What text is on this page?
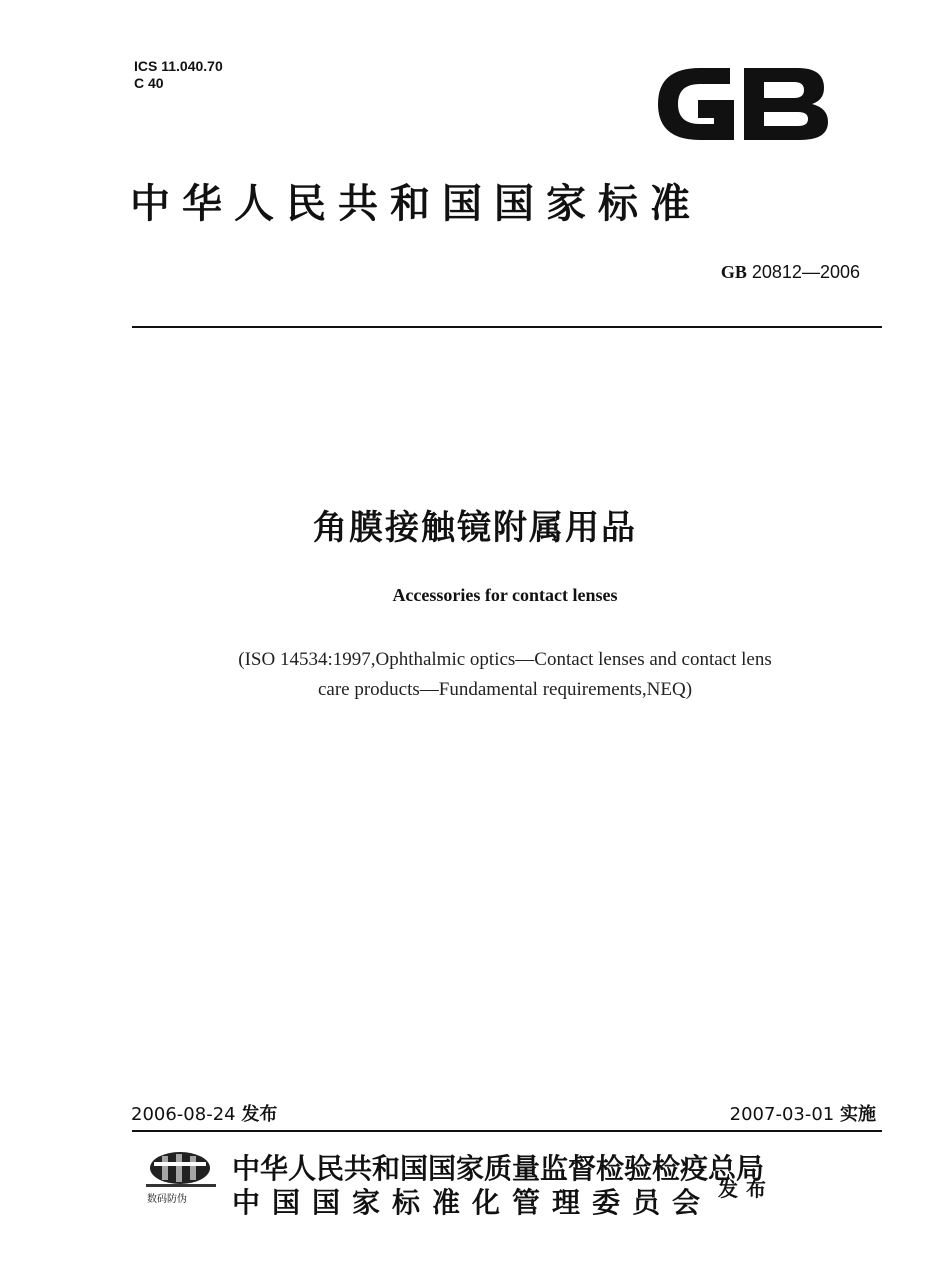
ICS 11.040.70
C 40
中华人民共和国国家标准
GB 20812—2006
角膜接触镜附属用品
Accessories for contact lenses
(ISO 14534:1997,Ophthalmic optics—Contact lenses and contact lens
care products—Fundamental requirements,NEQ)
2006-08-24 发布	2007-03-01 实施
数码防伪
中华人民共和国国家质量监督检验检疫总局
中国国家标准化管理委员会 发布
